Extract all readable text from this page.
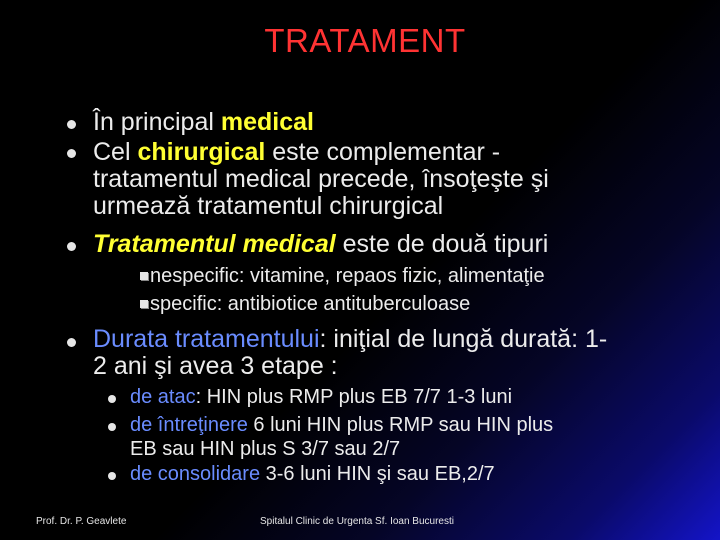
TRATAMENT
În principal medical
Cel chirurgical este complementar -
tratamentul medical precede, însoţeşte şi
urmează tratamentul chirurgical
Tratamentul medical este de două tipuri
nespecific: vitamine, repaos fizic, alimentaţie
specific: antibiotice antituberculoase
Durata tratamentului: iniţial de lungă durată: 1-
2 ani şi avea 3 etape :
de atac: HIN plus RMP plus EB 7/7 1-3 luni
de întreţinere 6 luni HIN plus RMP sau HIN plus
EB sau HIN plus S 3/7 sau 2/7
de consolidare 3-6 luni HIN şi sau EB,2/7
Prof. Dr. P. Geavlete	Spitalul Clinic de Urgenta Sf. Ioan Bucuresti
